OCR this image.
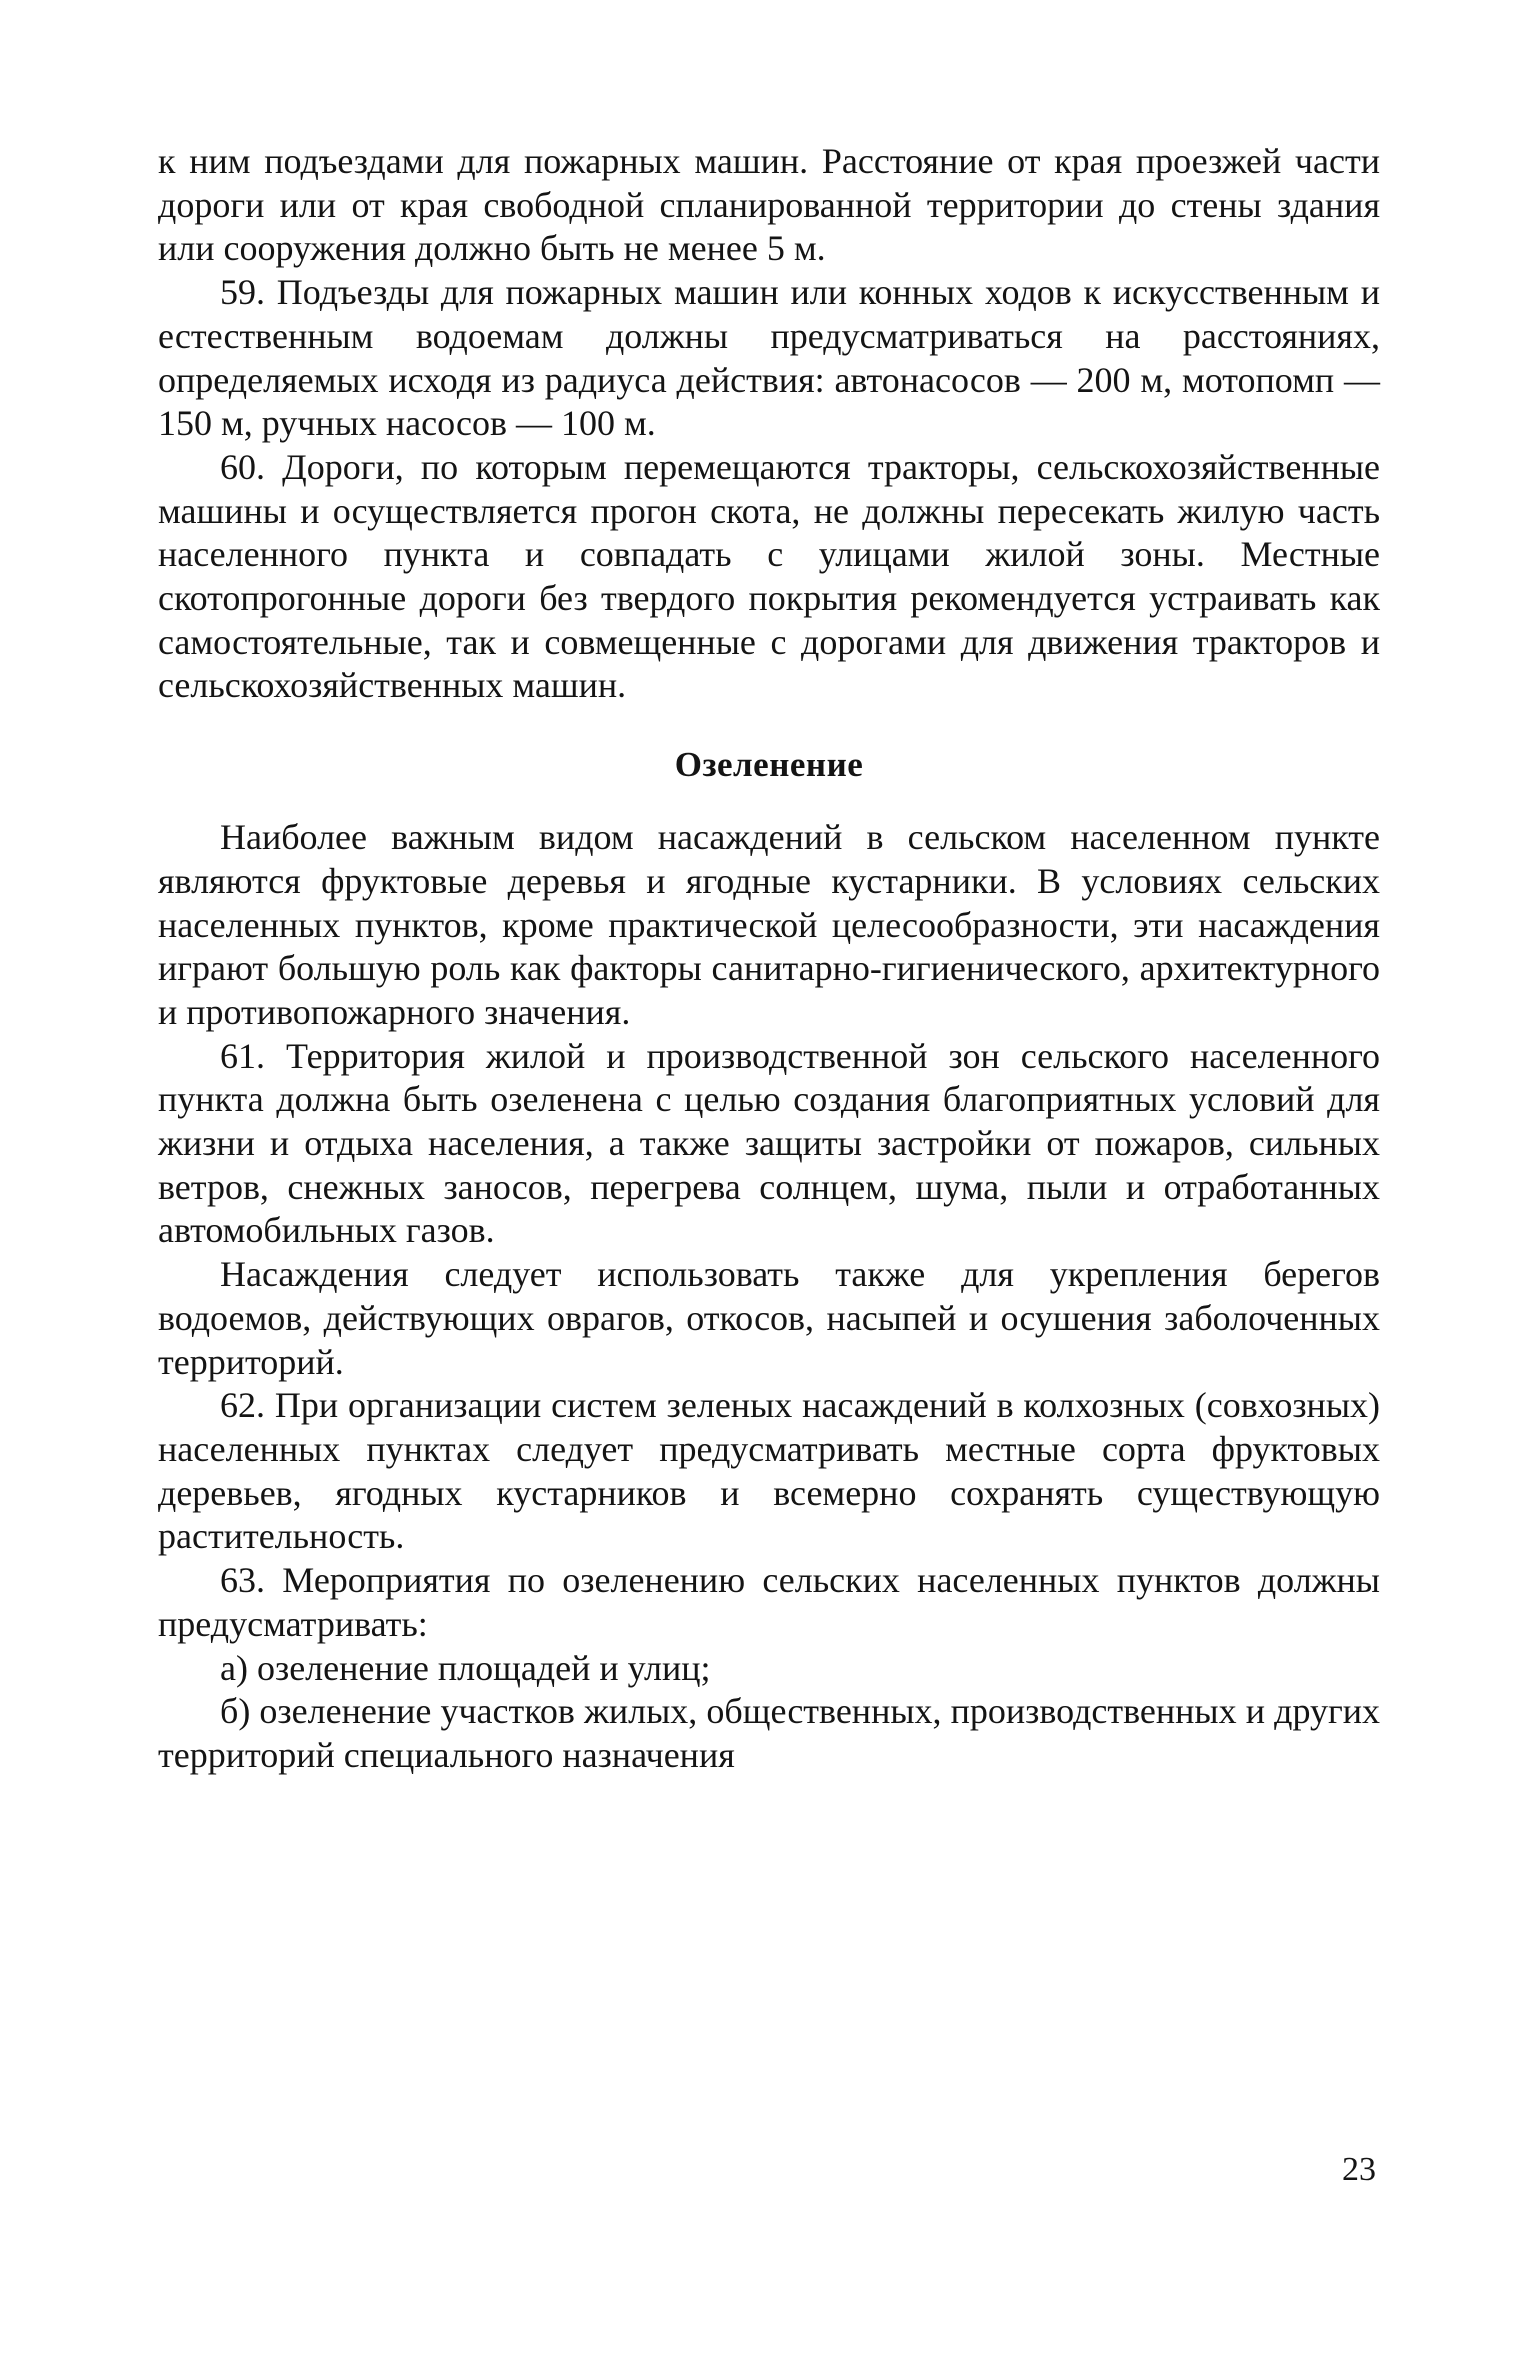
к ним подъездами для пожарных машин. Расстояние от края проезжей части дороги или от края свободной спланированной территории до стены здания или сооружения должно быть не менее 5 м.

59. Подъезды для пожарных машин или конных ходов к искусственным и естественным водоемам должны предусматриваться на расстояниях, определяемых исходя из радиуса действия: автонасосов — 200 м, мотопомп — 150 м, ручных насосов — 100 м.

60. Дороги, по которым перемещаются тракторы, сельскохозяйственные машины и осуществляется прогон скота, не должны пересекать жилую часть населенного пункта и совпадать с улицами жилой зоны. Местные скотопрогонные дороги без твердого покрытия рекомендуется устраивать как самостоятельные, так и совмещенные с дорогами для движения тракторов и сельскохозяйственных машин.

Озеленение

Наиболее важным видом насаждений в сельском населенном пункте являются фруктовые деревья и ягодные кустарники. В условиях сельских населенных пунктов, кроме практической целесообразности, эти насаждения играют большую роль как факторы санитарно-гигиенического, архитектурного и противопожарного значения.

61. Территория жилой и производственной зон сельского населенного пункта должна быть озеленена с целью создания благоприятных условий для жизни и отдыха населения, а также защиты застройки от пожаров, сильных ветров, снежных заносов, перегрева солнцем, шума, пыли и отработанных автомобильных газов.

Насаждения следует использовать также для укрепления берегов водоемов, действующих оврагов, откосов, насыпей и осушения заболоченных территорий.

62. При организации систем зеленых насаждений в колхозных (совхозных) населенных пунктах следует предусматривать местные сорта фруктовых деревьев, ягодных кустарников и всемерно сохранять существующую растительность.

63. Мероприятия по озеленению сельских населенных пунктов должны предусматривать:

а) озеленение площадей и улиц;

б) озеленение участков жилых, общественных, производственных и других территорий специального назначения

23
